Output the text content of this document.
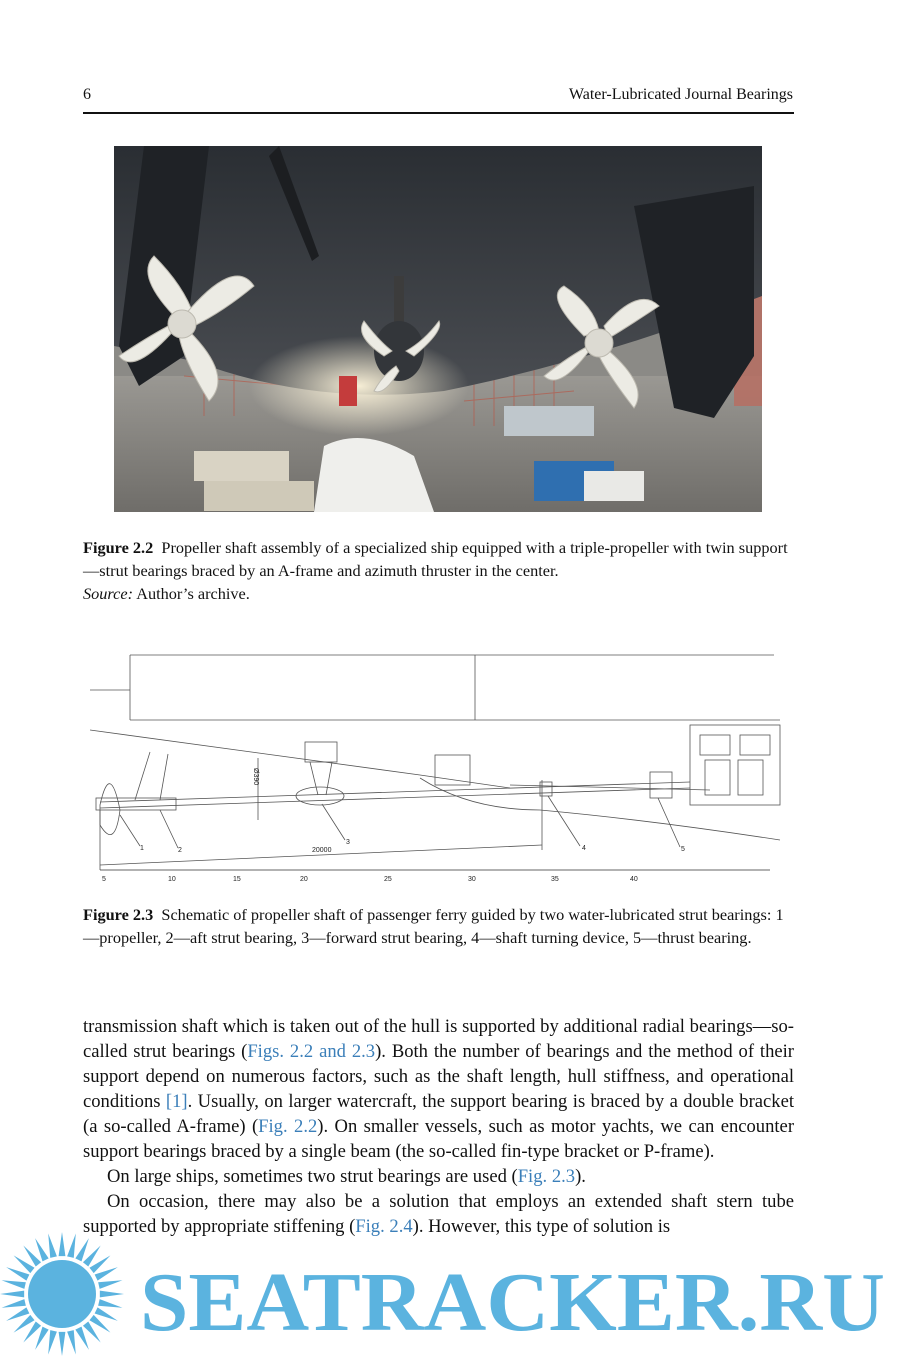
6	Water-Lubricated Journal Bearings
Figure 2.2 Propeller shaft assembly of a specialized ship equipped with a triple-propeller with twin support—strut bearings braced by an A-frame and azimuth thruster in the center.
Source: Author’s archive.
Ø390
20000
1	2
3
4	5
5	10	15	20	25	30	35	40
Figure 2.3 Schematic of propeller shaft of passenger ferry guided by two water-lubricated strut bearings: 1—propeller, 2—aft strut bearing, 3—forward strut bearing, 4—shaft turning device, 5—thrust bearing.

transmission shaft which is taken out of the hull is supported by additional radial bearings—so-called strut bearings (Figs. 2.2 and 2.3). Both the number of bearings and the method of their support depend on numerous factors, such as the shaft length, hull stiffness, and operational conditions [1]. Usually, on larger watercraft, the support bearing is braced by a double bracket (a so-called A-frame) (Fig. 2.2). On smaller vessels, such as motor yachts, we can encounter support bearings braced by a single beam (the so-called fin-type bracket or P-frame).

On large ships, sometimes two strut bearings are used (Fig. 2.3).

On occasion, there may also be a solution that employs an extended shaft stern tube supported by appropriate stiffening (Fig. 2.4). However, this type of solution is

SEATRACKER.RU
